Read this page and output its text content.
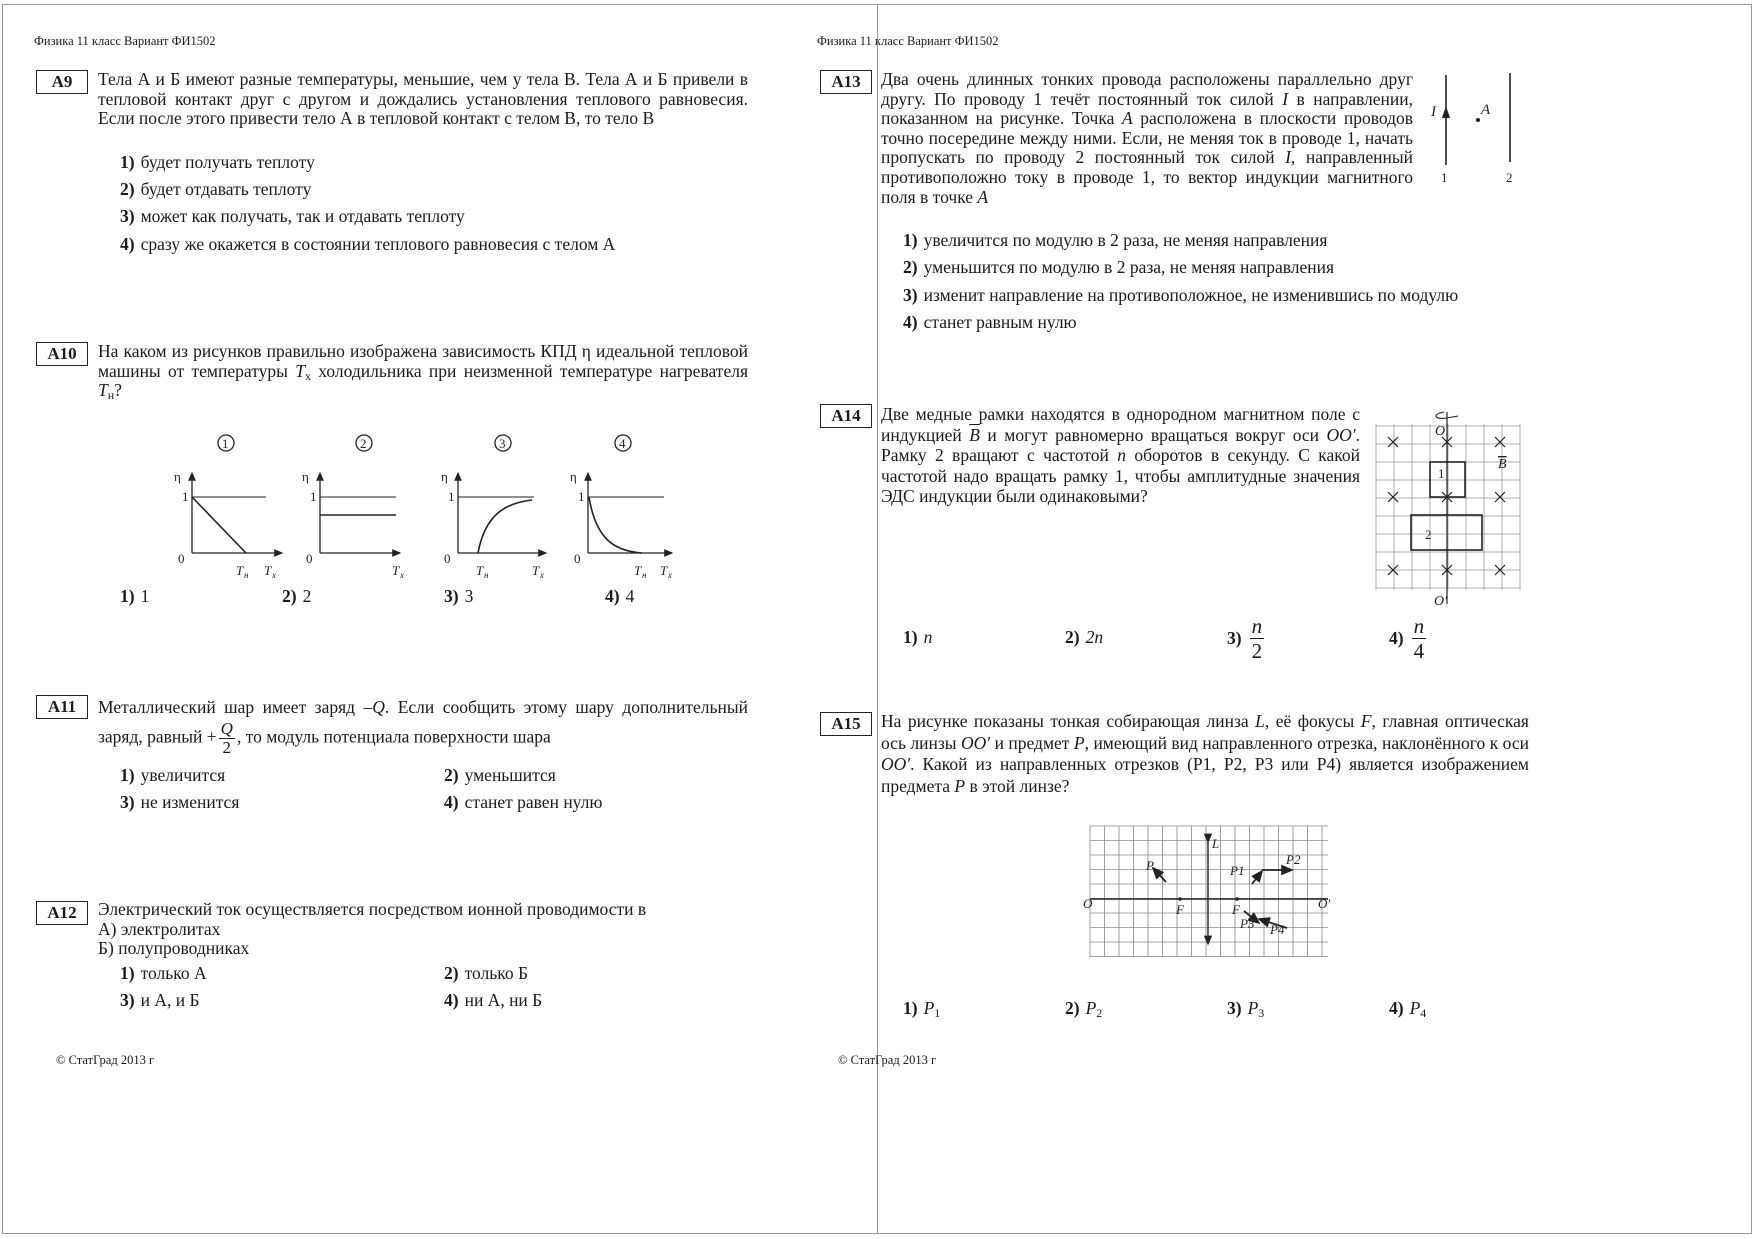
Физика 11 класс Вариант ФИ1502
А9	Тела А и Б имеют разные температуры, меньшие, чем у тела В. Тела А и Б привели в тепловой контакт друг с другом и дождались установления теплового равновесия. Если после этого привести тело А в тепловой контакт с телом В, то тело В
1) будет получать теплоту
2) будет отдавать теплоту
3) может как получать, так и отдавать теплоту
4) сразу же окажется в состоянии теплового равновесия с телом А
А10	На каком из рисунков правильно изображена зависимость КПД η идеальной тепловой машины от температуры $T_х$ холодильника при неизменной температуре нагревателя $T_н$?
1	2	3	4
η
1
0
η
1
0
η
1
0
η
1
0
T н T х	T х	T н	T х	T н T х
1) 1	2) 2	3) 3	4) 4
А11	Металлический шар имеет заряд –Q. Если сообщить этому шару дополнительный заряд, равный + $\frac{Q}{2}$ , то модуль потенциала поверхности шара
1) увеличится	2) уменьшится
3) не изменится	4) станет равен нулю
А12	Электрический ток осуществляется посредством ионной проводимости в
А) электролитах
Б) полупроводниках
1) только А	2) только Б
3) и А, и Б	4) ни А, ни Б
© СтатГрад 2013 г
Физика 11 класс Вариант ФИ1502
А13	Два очень длинных тонких провода расположены параллельно друг другу. По проводу 1 течёт постоянный ток силой I в направлении, показанном на рисунке. Точка A расположена в плоскости проводов точно посередине между ними. Если, не меняя ток в проводе 1, начать пропускать по проводу 2 постоянный ток силой I, направленный противоположно току в проводе 1, то вектор индукции магнитного поля в точке A
I	A
1	2
1) увеличится по модулю в 2 раза, не меняя направления
2) уменьшится по модулю в 2 раза, не меняя направления
3) изменит направление на противоположное, не изменившись по модулю
4) станет равным нулю
А14	Две медные рамки находятся в однородном магнитном поле с индукцией $\overline{B}$ и могут равномерно вращаться вокруг оси OO′. Рамку 2 вращают с частотой n оборотов в секунду. С какой частотой надо вращать рамку 1, чтобы амплитудные значения ЭДС индукции были одинаковыми?
O
O′
B
1
2
1) n	2) 2n	$3) \frac{n}{2}$	$4) \frac{n}{4}$
А15	На рисунке показаны тонкая собирающая линза L, её фокусы F, главная оптическая ось линзы OO′ и предмет P, имеющий вид направленного отрезка, наклонённого к оси OO′. Какой из направленных отрезков (P1, P2, P3 или P4) является изображением предмета P в этой линзе?
O	O′
L
F	F
P	P1
P2
P3 P4
1) $P_1$	2) $P_2$	3) $P_3$	4) $P_4$
© СтатГрад 2013 г
